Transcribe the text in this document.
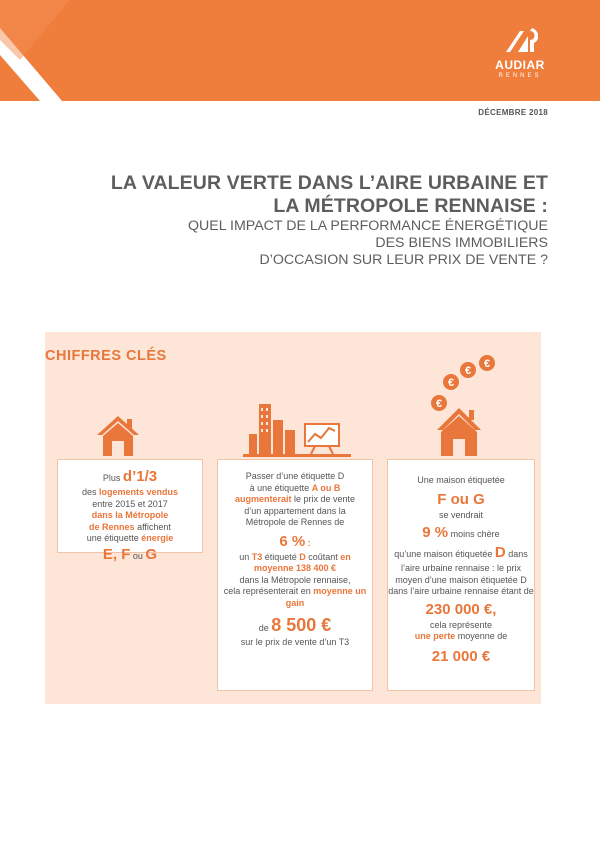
AUDIAR
RENNES
DÉCEMBRE 2018
LA VALEUR VERTE DANS L’AIRE URBAINE ET
LA MÉTROPOLE RENNAISE :
QUEL IMPACT DE LA PERFORMANCE ÉNERGÉTIQUE
DES BIENS IMMOBILIERS
D’OCCASION SUR LEUR PRIX DE VENTE ?
CHIFFRES CLÉS
€
€
€
€
Plus d’1/3
des logements vendus
entre 2015 et 2017
dans la Métropole
de Rennes affichent
une étiquette énergie
E, F ou G
Passer d’une étiquette D
à une étiquette A ou B
augmenterait le prix de vente
d’un appartement dans la
Métropole de Rennes de
6 % :
un T3 étiqueté D coûtant en
moyenne 138 400 €
dans la Métropole rennaise,
cela représenterait en moyenne un
gain
de 8 500 €
sur le prix de vente d’un T3
Une maison étiquetée
F ou G
se vendrait
9 % moins chère
qu’une maison étiquetée D dans
l’aire urbaine rennaise : le prix
moyen d’une maison étiquetée D
dans l’aire urbaine rennaise étant de
230 000 €,
cela représente
une perte moyenne de
21 000 €
